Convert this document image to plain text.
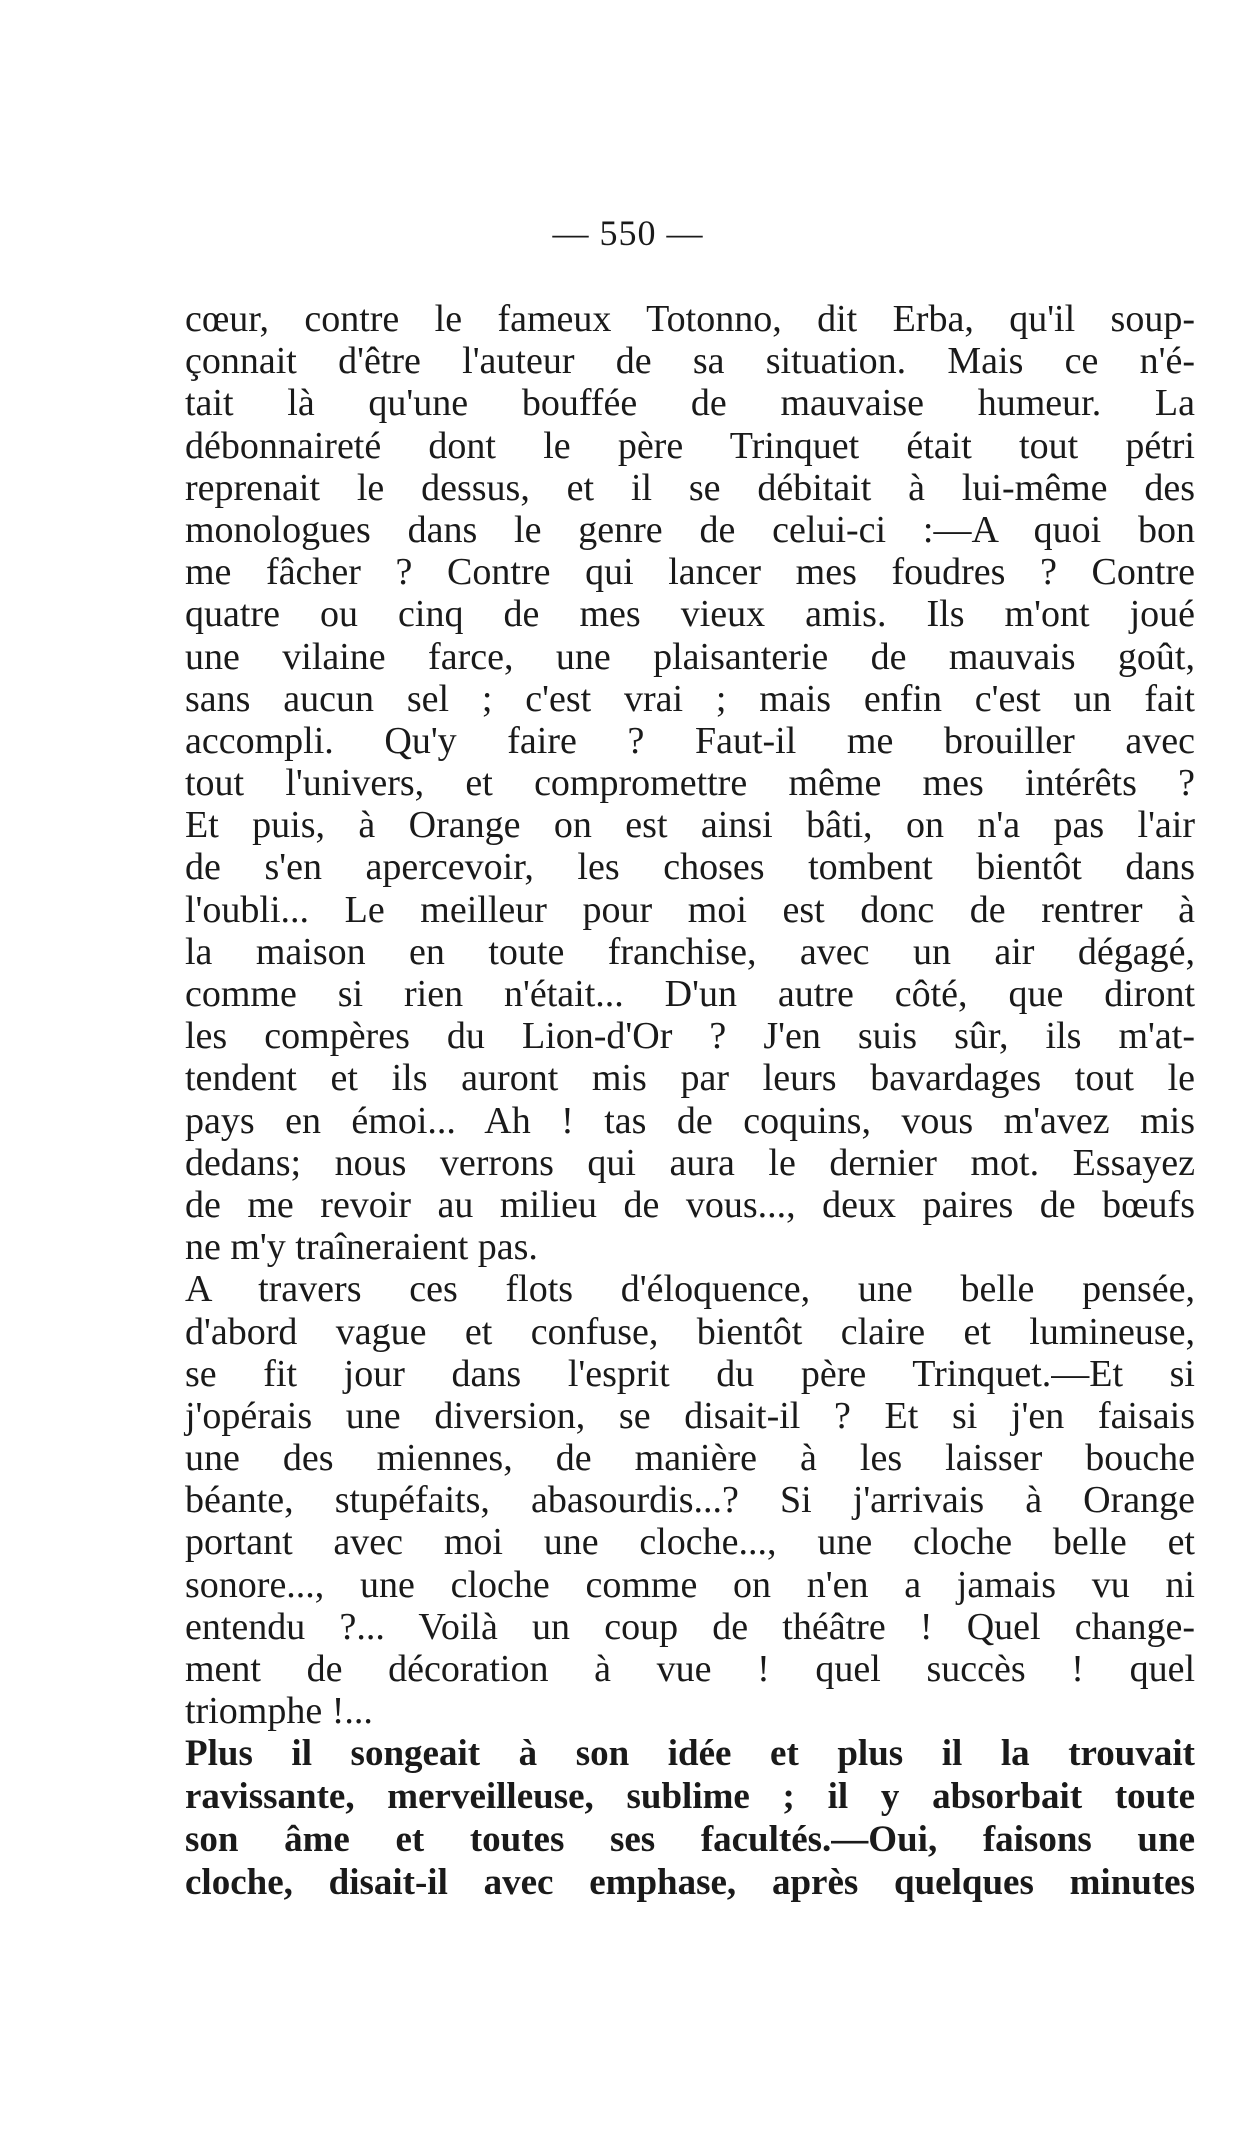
— 550 —
cœur, contre le fameux Totonno, dit Erba, qu'il soup-
çonnait d'être l'auteur de sa situation. Mais ce n'é-
tait là qu'une bouffée de mauvaise humeur. La
débonnaireté dont le père Trinquet était tout pétri
reprenait le dessus, et il se débitait à lui-même des
monologues dans le genre de celui-ci :—A quoi bon
me fâcher ? Contre qui lancer mes foudres ? Contre
quatre ou cinq de mes vieux amis. Ils m'ont joué
une vilaine farce, une plaisanterie de mauvais goût,
sans aucun sel ; c'est vrai ; mais enfin c'est un fait
accompli. Qu'y faire ? Faut-il me brouiller avec
tout l'univers, et compromettre même mes intérêts ?
Et puis, à Orange on est ainsi bâti, on n'a pas l'air
de s'en apercevoir, les choses tombent bientôt dans
l'oubli... Le meilleur pour moi est donc de rentrer à
la maison en toute franchise, avec un air dégagé,
comme si rien n'était... D'un autre côté, que diront
les compères du Lion-d'Or ? J'en suis sûr, ils m'at-
tendent et ils auront mis par leurs bavardages tout le
pays en émoi... Ah ! tas de coquins, vous m'avez mis
dedans; nous verrons qui aura le dernier mot. Essayez
de me revoir au milieu de vous..., deux paires de bœufs
ne m'y traîneraient pas.
A travers ces flots d'éloquence, une belle pensée,
d'abord vague et confuse, bientôt claire et lumineuse,
se fit jour dans l'esprit du père Trinquet.—Et si
j'opérais une diversion, se disait-il ? Et si j'en faisais
une des miennes, de manière à les laisser bouche
béante, stupéfaits, abasourdis...? Si j'arrivais à Orange
portant avec moi une cloche..., une cloche belle et
sonore..., une cloche comme on n'en a jamais vu ni
entendu ?... Voilà un coup de théâtre ! Quel change-
ment de décoration à vue ! quel succès ! quel
triomphe !...
Plus il songeait à son idée et plus il la trouvait
ravissante, merveilleuse, sublime ; il y absorbait toute
son âme et toutes ses facultés.—Oui, faisons une
cloche, disait-il avec emphase, après quelques minutes
